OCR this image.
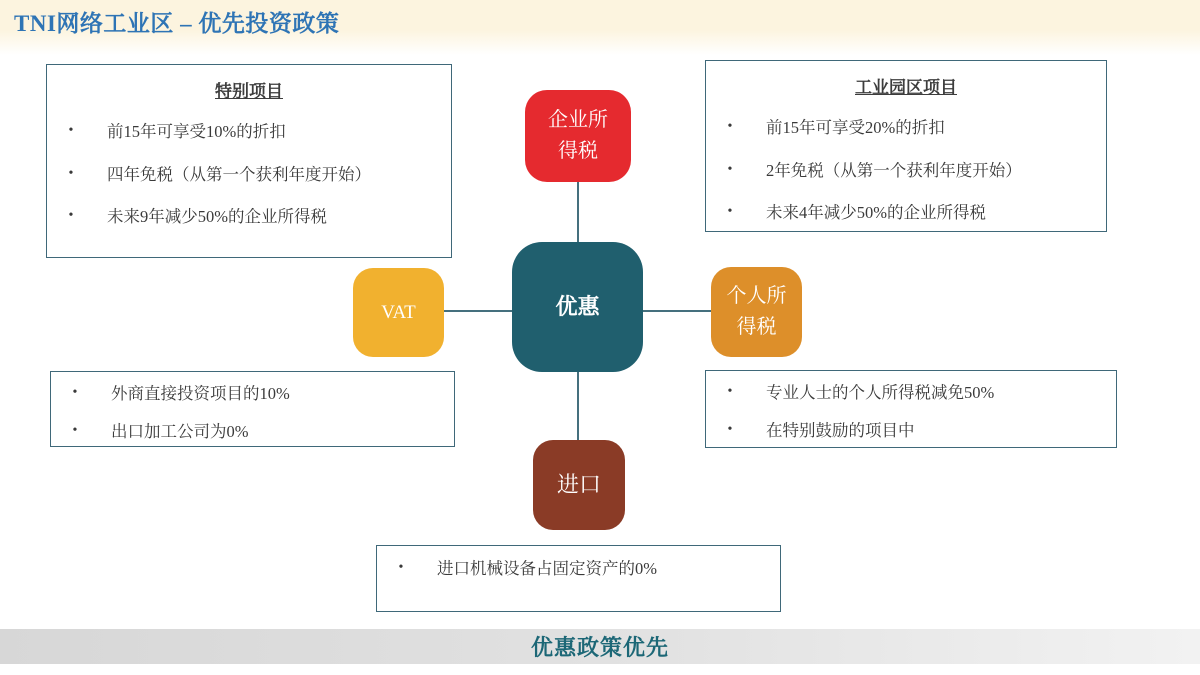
TNI网络工业区 – 优先投资政策
特别项目
•	前15年可享受10%的折扣
•	四年免税（从第一个获利年度开始）
•	未来9年减少50%的企业所得税
工业园区项目
•	前15年可享受20%的折扣
•	2年免税（从第一个获利年度开始）
•	未来4年减少50%的企业所得税
•	外商直接投资项目的10%
•	出口加工公司为0%
•	专业人士的个人所得税减免50%
•	在特别鼓励的项目中
•	进口机械设备占固定资产的0%
企业所
得税
优惠
VAT
个人所
得税
进口
优惠政策优先
